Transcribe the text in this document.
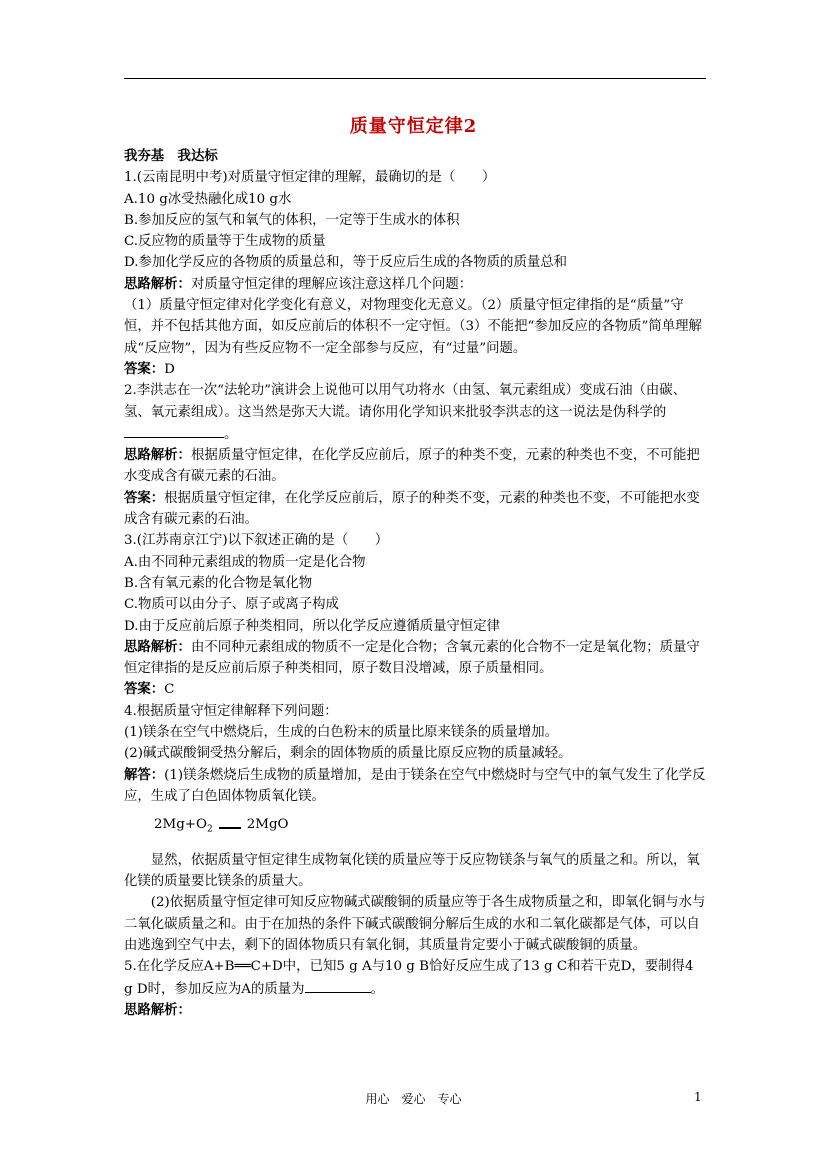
质量守恒定律2

我夯基　我达标

1.(云南昆明中考)对质量守恒定律的理解，最确切的是（　　）

A.10 g冰受热融化成10 g水

B.参加反应的氢气和氧气的体积，一定等于生成水的体积

C.反应物的质量等于生成物的质量

D.参加化学反应的各物质的质量总和，等于反应后生成的各物质的质量总和

思路解析：对质量守恒定律的理解应该注意这样几个问题：

（1）质量守恒定律对化学变化有意义，对物理变化无意义。（2）质量守恒定律指的是“质量”守恒，并不包括其他方面，如反应前后的体积不一定守恒。（3）不能把“参加反应的各物质”简单理解成“反应物”，因为有些反应物不一定全部参与反应，有“过量”问题。

答案：D

2.李洪志在一次“法轮功”演讲会上说他可以用气功将水（由氢、氧元素组成）变成石油（由碳、氢、氧元素组成）。这当然是弥天大谎。请你用化学知识来批驳李洪志的这一说法是伪科学的。

思路解析：根据质量守恒定律，在化学反应前后，原子的种类不变，元素的种类也不变，不可能把水变成含有碳元素的石油。

答案：根据质量守恒定律，在化学反应前后，原子的种类不变，元素的种类也不变，不可能把水变成含有碳元素的石油。

3.(江苏南京江宁)以下叙述正确的是（　　）

A.由不同种元素组成的物质一定是化合物

B.含有氧元素的化合物是氧化物

C.物质可以由分子、原子或离子构成

D.由于反应前后原子种类相同，所以化学反应遵循质量守恒定律

思路解析：由不同种元素组成的物质不一定是化合物；含氧元素的化合物不一定是氧化物；质量守恒定律指的是反应前后原子种类相同，原子数目没增减，原子质量相同。

答案：C

4.根据质量守恒定律解释下列问题：

(1)镁条在空气中燃烧后，生成的白色粉末的质量比原来镁条的质量增加。

(2)碱式碳酸铜受热分解后，剩余的固体物质的质量比原反应物的质量减轻。

解答：(1)镁条燃烧后生成物的质量增加，是由于镁条在空气中燃烧时与空气中的氧气发生了化学反应，生成了白色固体物质氧化镁。

$2Mg+O_2$	2MgO

显然，依据质量守恒定律生成物氧化镁的质量应等于反应物镁条与氧气的质量之和。所以，氧化镁的质量要比镁条的质量大。

(2)依据质量守恒定律可知反应物碱式碳酸铜的质量应等于各生成物质量之和，即氧化铜与水与二氧化碳质量之和。由于在加热的条件下碱式碳酸铜分解后生成的水和二氧化碳都是气体，可以自由逃逸到空气中去，剩下的固体物质只有氧化铜，其质量肯定要小于碱式碳酸铜的质量。

5.在化学反应A+B══C+D中，已知5 g A与10 g B恰好反应生成了13 g C和若干克D，要制得4 g D时，参加反应为A的质量为	。

思路解析：

用心　爱心　专心	1
